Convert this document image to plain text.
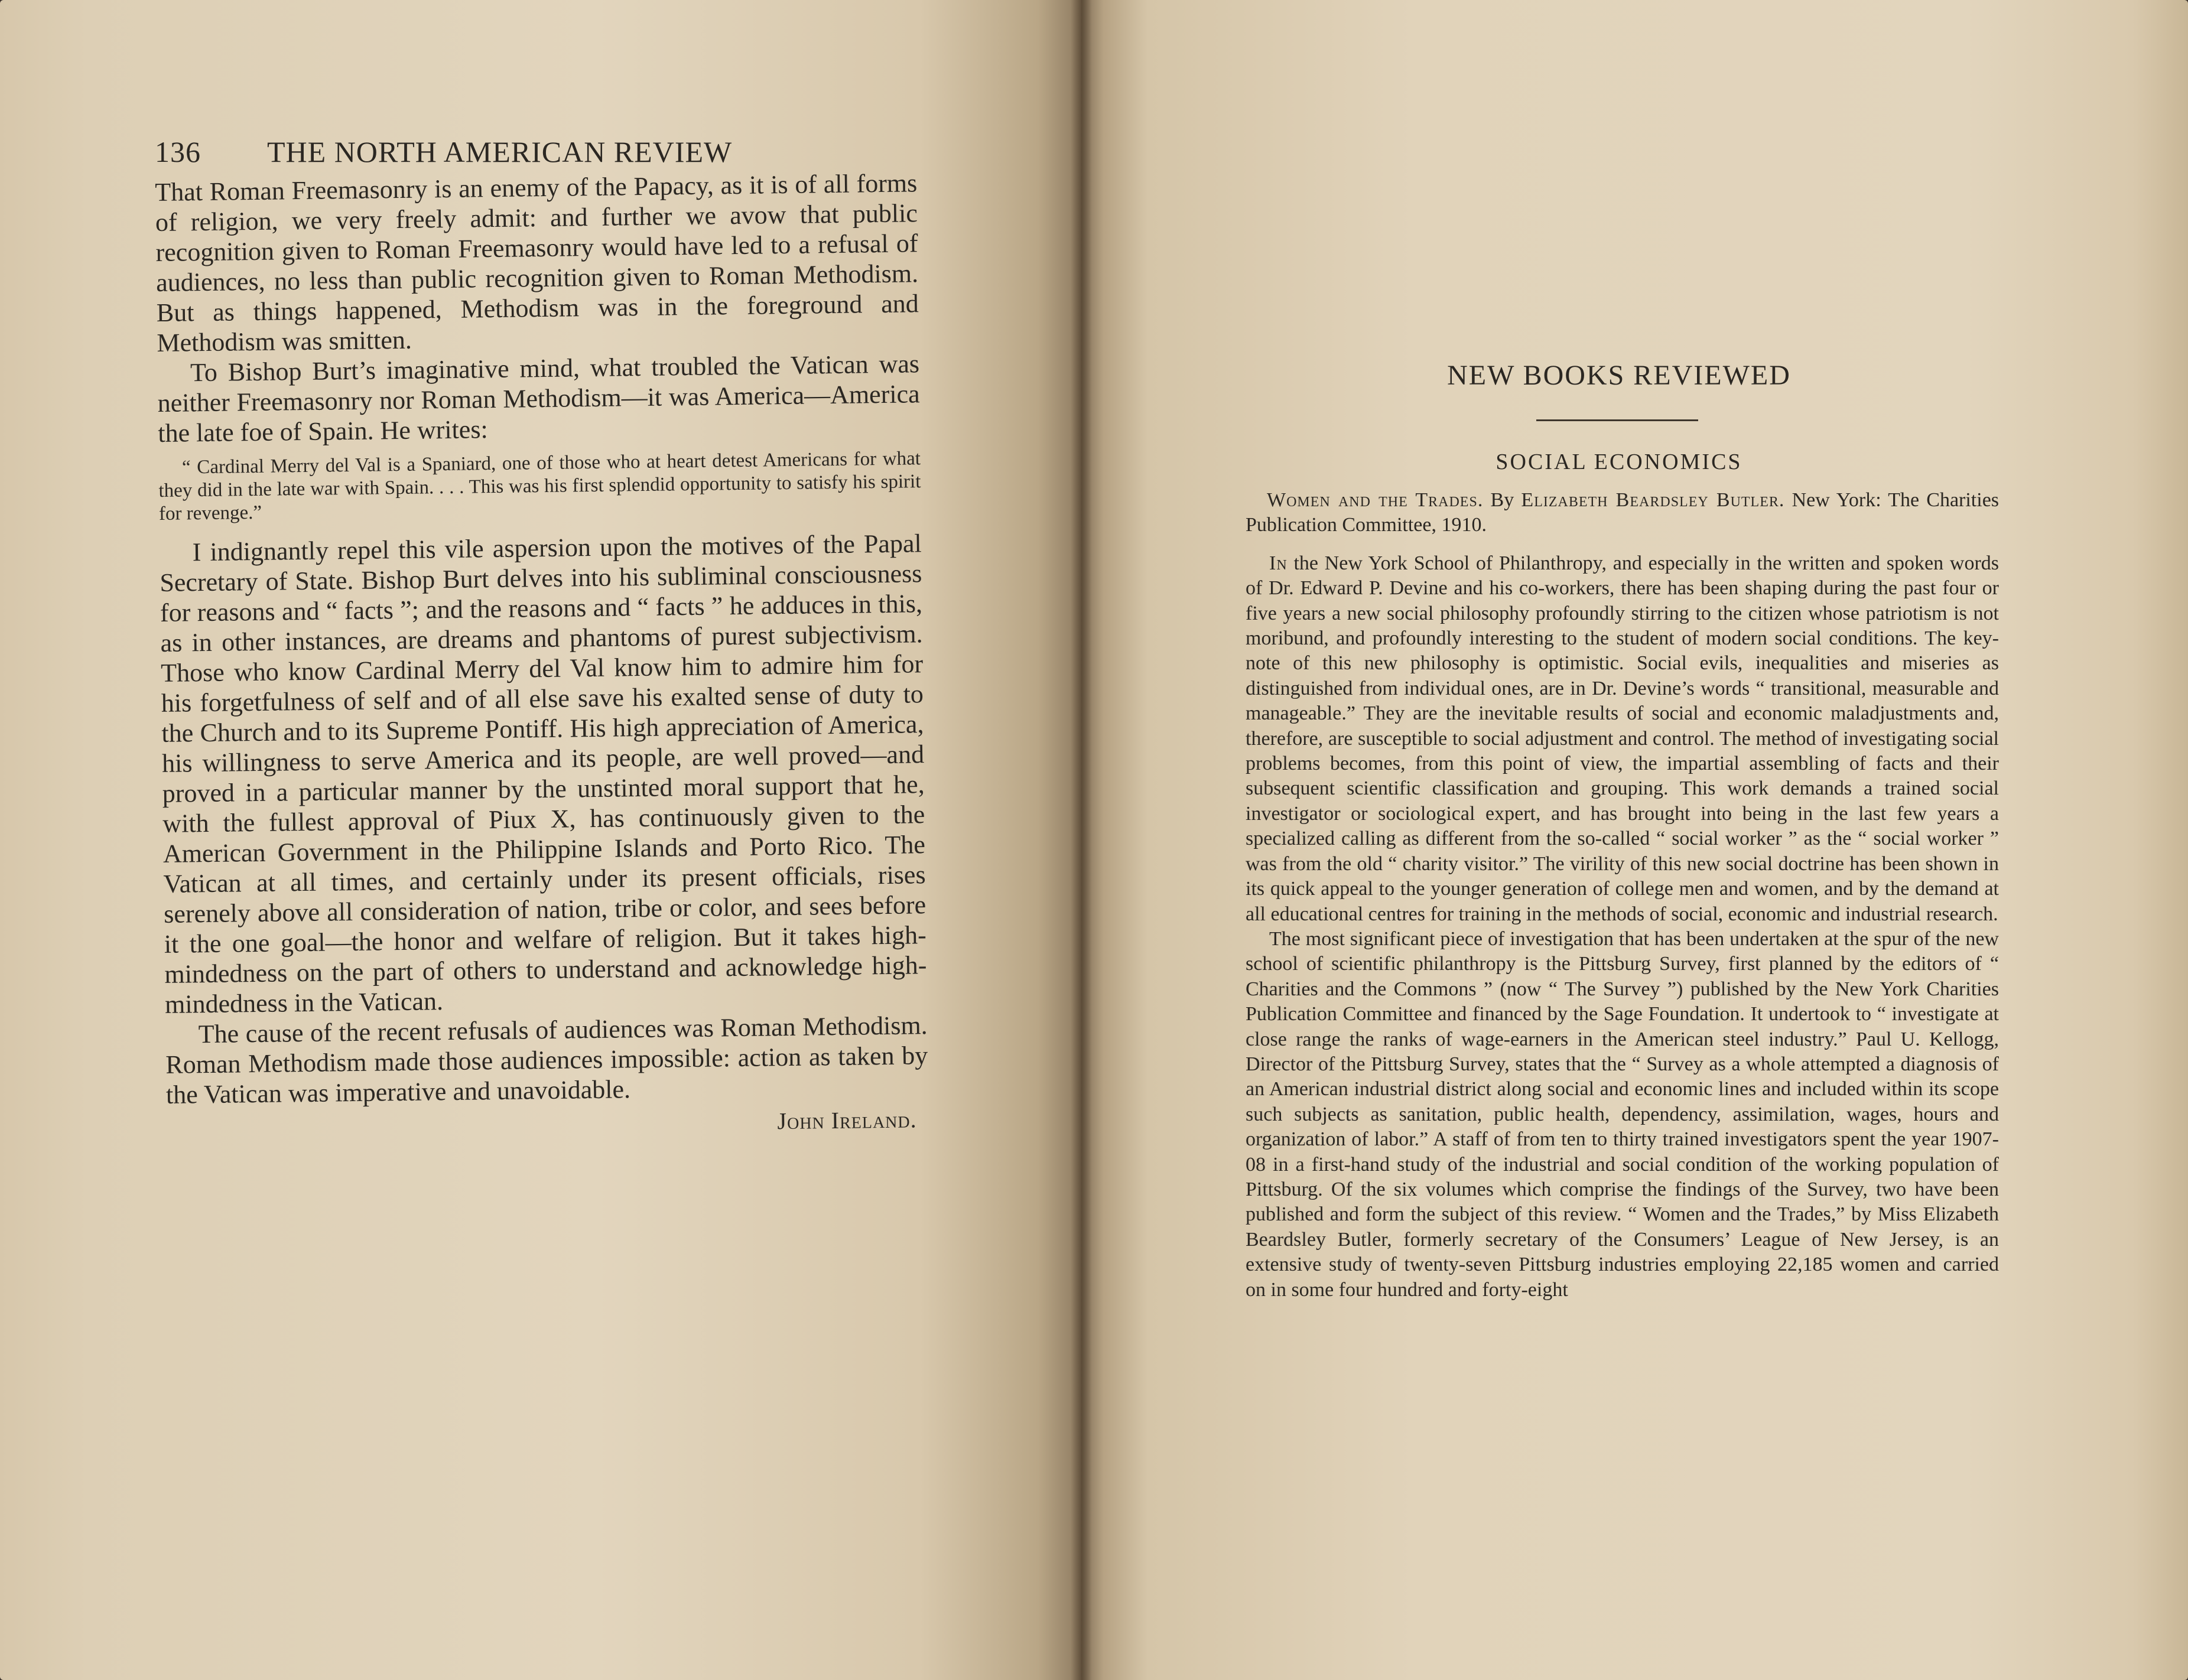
136 THE NORTH AMERICAN REVIEW

That Roman Freemasonry is an enemy of the Papacy, as it is of all forms of religion, we very freely admit: and further we avow that public recognition given to Roman Freemasonry would have led to a refusal of audiences, no less than public recognition given to Roman Methodism. But as things happened, Methodism was in the foreground and Methodism was smitten.

To Bishop Burt’s imaginative mind, what troubled the Vatican was neither Freemasonry nor Roman Methodism—it was America—America the late foe of Spain. He writes:

“ Cardinal Merry del Val is a Spaniard, one of those who at heart detest Americans for what they did in the late war with Spain. . . . This was his first splendid opportunity to satisfy his spirit for revenge.”

I indignantly repel this vile aspersion upon the motives of the Papal Secretary of State. Bishop Burt delves into his subliminal consciousness for reasons and “ facts ”; and the reasons and “ facts ” he adduces in this, as in other instances, are dreams and phantoms of purest subjectivism. Those who know Cardinal Merry del Val know him to admire him for his forgetfulness of self and of all else save his exalted sense of duty to the Church and to its Supreme Pontiff. His high appreciation of America, his willingness to serve America and its people, are well proved—and proved in a particular manner by the unstinted moral support that he, with the fullest approval of Piux X, has continuously given to the American Government in the Philippine Islands and Porto Rico. The Vatican at all times, and certainly under its present officials, rises serenely above all consideration of nation, tribe or color, and sees before it the one goal—the honor and welfare of religion. But it takes high-mindedness on the part of others to understand and acknowledge high-mindedness in the Vatican.

The cause of the recent refusals of audiences was Roman Methodism. Roman Methodism made those audiences impossible: action as taken by the Vatican was imperative and unavoidable.

John Ireland.
NEW BOOKS REVIEWED
SOCIAL ECONOMICS

Women and the Trades. By Elizabeth Beardsley Butler. New York: The Charities Publication Committee, 1910.

In the New York School of Philanthropy, and especially in the written and spoken words of Dr. Edward P. Devine and his co-workers, there has been shaping during the past four or five years a new social philosophy profoundly stirring to the citizen whose patriotism is not moribund, and profoundly interesting to the student of modern social conditions. The key-note of this new philosophy is optimistic. Social evils, inequalities and miseries as distinguished from individual ones, are in Dr. Devine’s words “ transitional, measurable and manageable.” They are the inevitable results of social and economic maladjustments and, therefore, are susceptible to social adjustment and control. The method of investigating social problems becomes, from this point of view, the impartial assembling of facts and their subsequent scientific classification and grouping. This work demands a trained social investigator or sociological expert, and has brought into being in the last few years a specialized calling as different from the so-called “ social worker ” as the “ social worker ” was from the old “ charity visitor.” The virility of this new social doctrine has been shown in its quick appeal to the younger generation of college men and women, and by the demand at all educational centres for training in the methods of social, economic and industrial research.

The most significant piece of investigation that has been undertaken at the spur of the new school of scientific philanthropy is the Pittsburg Survey, first planned by the editors of “ Charities and the Commons ” (now “ The Survey ”) published by the New York Charities Publication Committee and financed by the Sage Foundation. It undertook to “ investigate at close range the ranks of wage-earners in the American steel industry.” Paul U. Kellogg, Director of the Pittsburg Survey, states that the “ Survey as a whole attempted a diagnosis of an American industrial district along social and economic lines and included within its scope such subjects as sanitation, public health, dependency, assimilation, wages, hours and organization of labor.” A staff of from ten to thirty trained investigators spent the year 1907-08 in a first-hand study of the industrial and social condition of the working population of Pittsburg. Of the six volumes which comprise the findings of the Survey, two have been published and form the subject of this review. “ Women and the Trades,” by Miss Elizabeth Beardsley Butler, formerly secretary of the Consumers’ League of New Jersey, is an extensive study of twenty-seven Pittsburg industries employing 22,185 women and carried on in some four hundred and forty-eight
